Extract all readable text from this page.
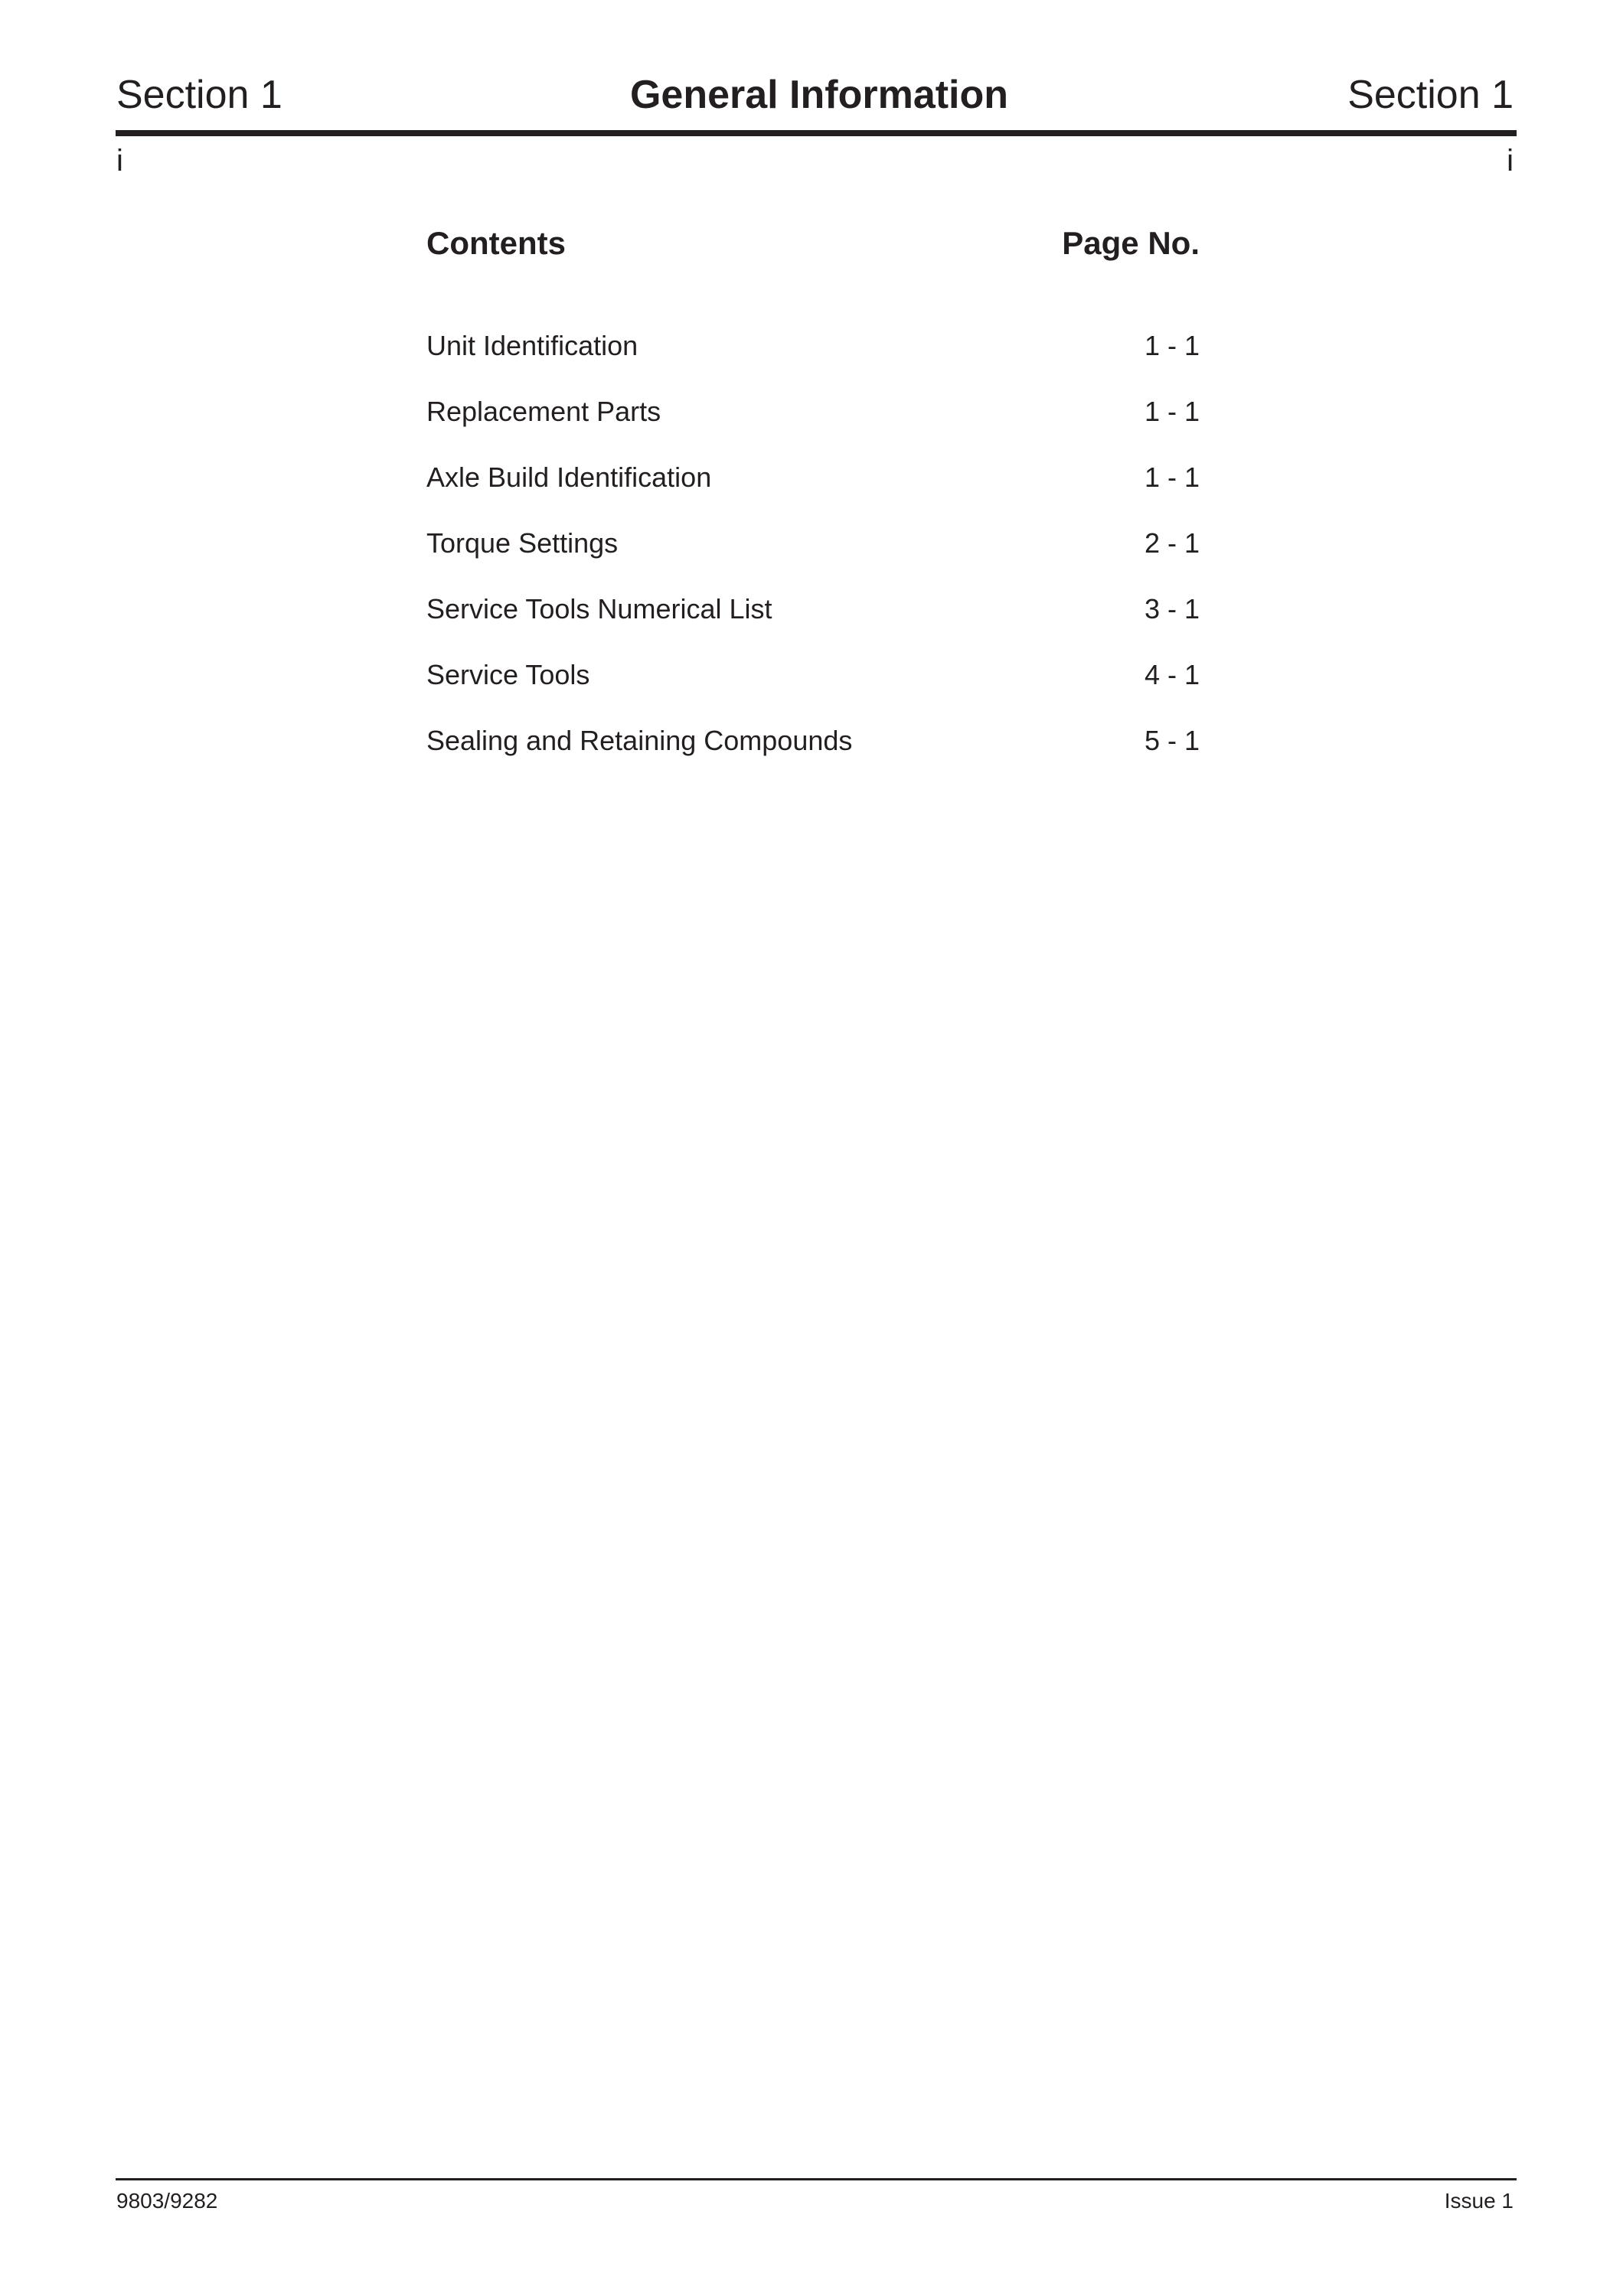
Section 1	General Information	Section 1
i	i
Contents	Page No.
Unit Identification	1 - 1
Replacement Parts	1 - 1
Axle Build Identification	1 - 1
Torque Settings	2 - 1
Service Tools Numerical List	3 - 1
Service Tools	4 - 1
Sealing and Retaining Compounds	5 - 1
9803/9282	Issue 1
